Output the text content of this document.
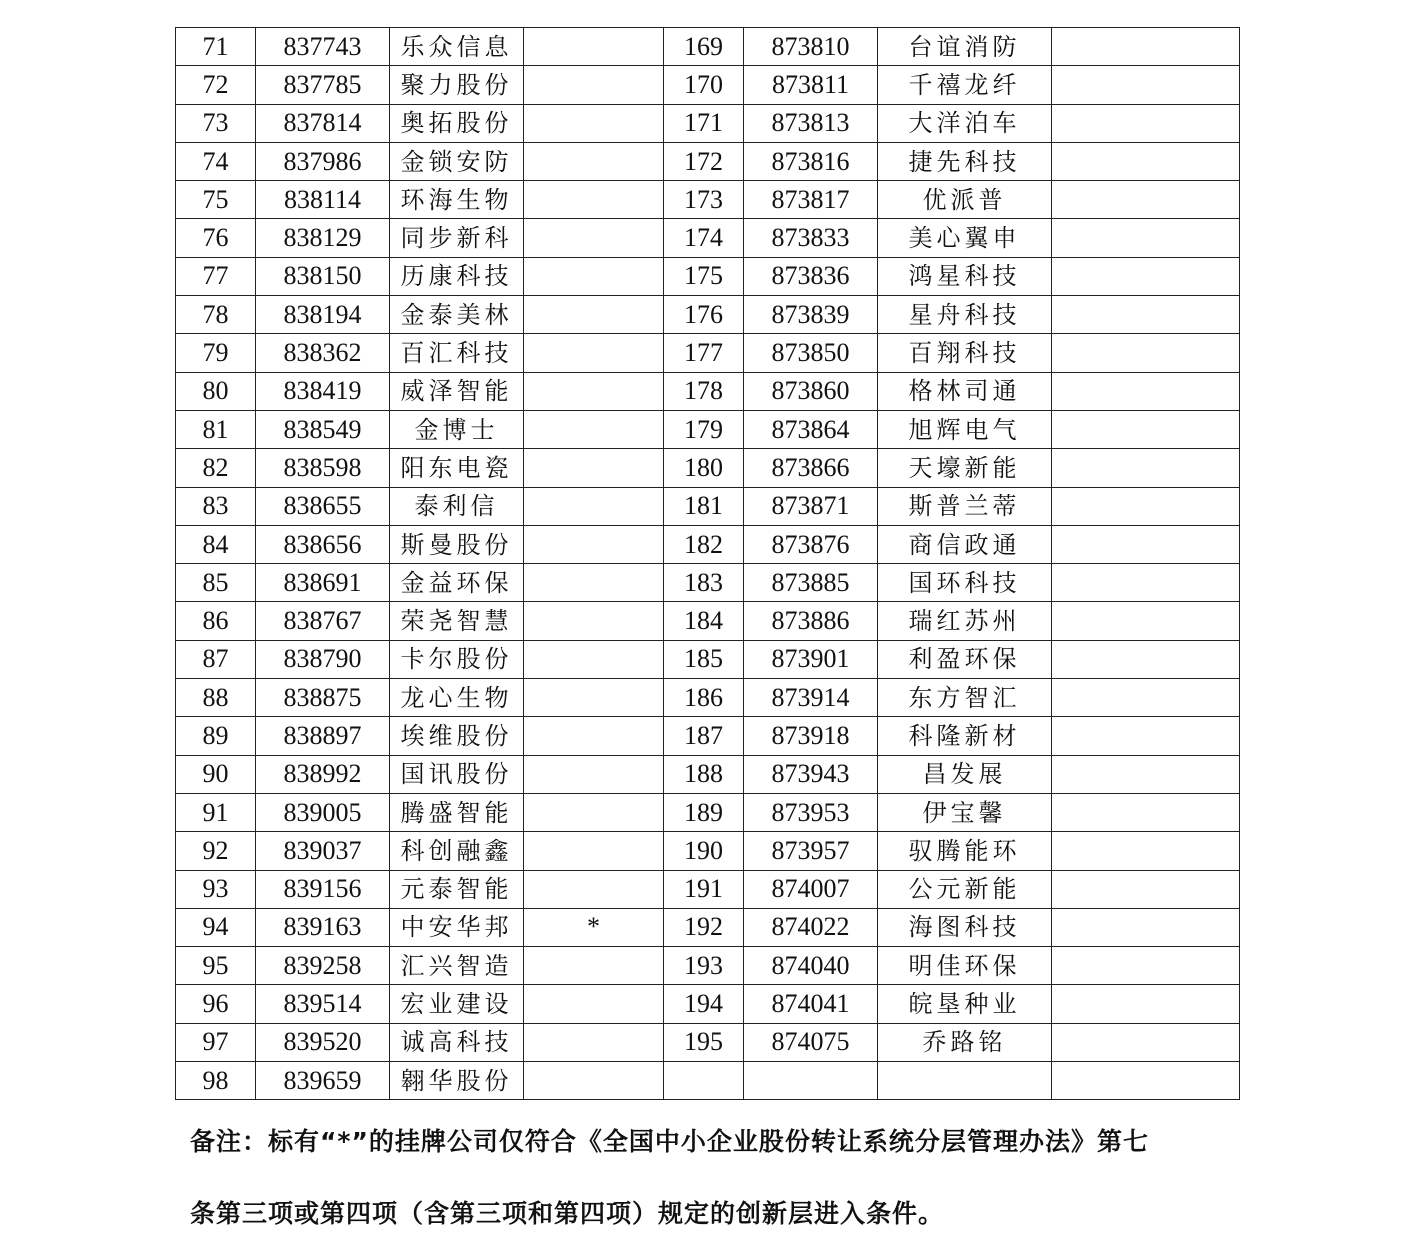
71	837743	乐众信息		169	873810	台谊消防	
72	837785	聚力股份		170	873811	千禧龙纤	
73	837814	奥拓股份		171	873813	大洋泊车	
74	837986	金锁安防		172	873816	捷先科技	
75	838114	环海生物		173	873817	优派普	
76	838129	同步新科		174	873833	美心翼申	
77	838150	历康科技		175	873836	鸿星科技	
78	838194	金泰美林		176	873839	星舟科技	
79	838362	百汇科技		177	873850	百翔科技	
80	838419	威泽智能		178	873860	格林司通	
81	838549	金博士		179	873864	旭辉电气	
82	838598	阳东电瓷		180	873866	天壕新能	
83	838655	泰利信		181	873871	斯普兰蒂	
84	838656	斯曼股份		182	873876	商信政通	
85	838691	金益环保		183	873885	国环科技	
86	838767	荣尧智慧		184	873886	瑞红苏州	
87	838790	卡尔股份		185	873901	利盈环保	
88	838875	龙心生物		186	873914	东方智汇	
89	838897	埃维股份		187	873918	科隆新材	
90	838992	国讯股份		188	873943	昌发展	
91	839005	腾盛智能		189	873953	伊宝馨	
92	839037	科创融鑫		190	873957	驭腾能环	
93	839156	元泰智能		191	874007	公元新能	
94	839163	中安华邦	*	192	874022	海图科技	
95	839258	汇兴智造		193	874040	明佳环保	
96	839514	宏业建设		194	874041	皖垦种业	
97	839520	诚高科技		195	874075	乔路铭	
98	839659	翱华股份					
备注：标有“*”的挂牌公司仅符合《全国中小企业股份转让系统分层管理办法》第七
条第三项或第四项（含第三项和第四项）规定的创新层进入条件。
